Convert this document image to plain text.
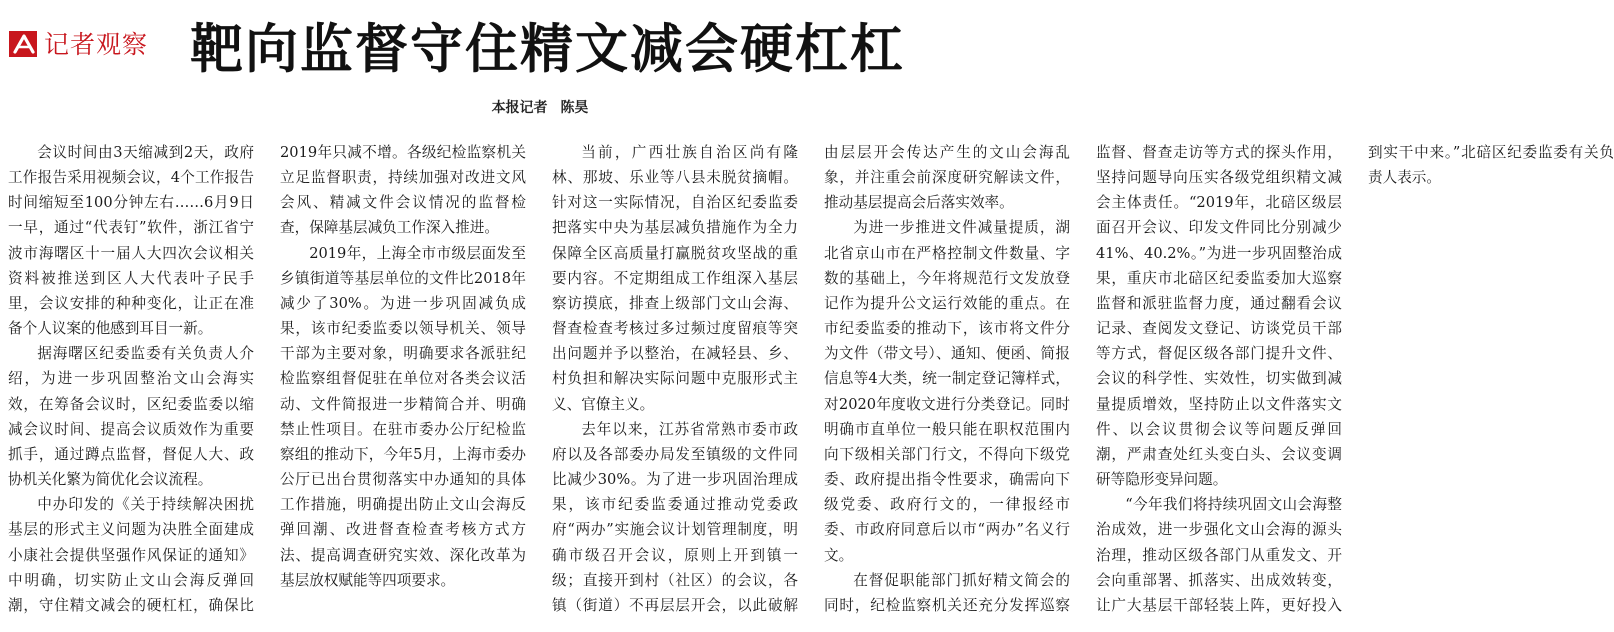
记者观察 靶向监督守住精文减会硬杠杠
本报记者 陈昊

会议时间由3天缩减到2天，政府工作报告采用视频会议，4个工作报告时间缩短至100分钟左右……6月9日一早，通过“代表钉”软件，浙江省宁波市海曙区十一届人大四次会议相关资料被推送到区人大代表叶子民手里，会议安排的种种变化，让正在准备个人议案的他感到耳目一新。

据海曙区纪委监委有关负责人介绍，为进一步巩固整治文山会海实效，在筹备会议时，区纪委监委以缩减会议时间、提高会议质效作为重要抓手，通过蹲点监督，督促人大、政协机关化繁为简优化会议流程。

中办印发的《关于持续解决困扰基层的形式主义问题为决胜全面建成小康社会提供坚强作风保证的通知》中明确，切实防止文山会海反弹回潮，守住精文减会的硬杠杠，确保比2019年只减不增。各级纪检监察机关立足监督职责，持续加强对改进文风会风、精减文件会议情况的监督检查，保障基层减负工作深入推进。

2019年，上海全市市级层面发至乡镇街道等基层单位的文件比2018年减少了30%。为进一步巩固减负成果，该市纪委监委以领导机关、领导干部为主要对象，明确要求各派驻纪检监察组督促驻在单位对各类会议活动、文件简报进一步精简合并、明确禁止性项目。在驻市委办公厅纪检监察组的推动下，今年5月，上海市委办公厅已出台贯彻落实中办通知的具体工作措施，明确提出防止文山会海反弹回潮、改进督查检查考核方式方法、提高调查研究实效、深化改革为基层放权赋能等四项要求。

当前，广西壮族自治区尚有隆林、那坡、乐业等八县未脱贫摘帽。针对这一实际情况，自治区纪委监委把落实中央为基层减负措施作为全力保障全区高质量打赢脱贫攻坚战的重要内容。不定期组成工作组深入基层察访摸底，排查上级部门文山会海、督查检查考核过多过频过度留痕等突出问题并予以整治，在减轻县、乡、村负担和解决实际问题中克服形式主义、官僚主义。

去年以来，江苏省常熟市委市政府以及各部委办局发至镇级的文件同比减少30%。为了进一步巩固治理成果，该市纪委监委通过推动党委政府“两办”实施会议计划管理制度，明确市级召开会议，原则上开到镇一级；直接开到村（社区）的会议，各镇（街道）不再层层开会，以此破解由层层开会传达产生的文山会海乱象，并注重会前深度研究解读文件，推动基层提高会后落实效率。

为进一步推进文件减量提质，湖北省京山市在严格控制文件数量、字数的基础上，今年将规范行文发放登记作为提升公文运行效能的重点。在市纪委监委的推动下，该市将文件分为文件（带文号）、通知、便函、简报信息等4大类，统一制定登记簿样式，对2020年度收文进行分类登记。同时明确市直单位一般只能在职权范围内向下级相关部门行文，不得向下级党委、政府提出指令性要求，确需向下级党委、政府行文的，一律报经市委、市政府同意后以市“两办”名义行文。

在督促职能部门抓好精文简会的同时，纪检监察机关还充分发挥巡察监督、督查走访等方式的探头作用，坚持问题导向压实各级党组织精文减会主体责任。“2019年，北碚区级层面召开会议、印发文件同比分别减少41%、40.2%。”为进一步巩固整治成果，重庆市北碚区纪委监委加大巡察监督和派驻监督力度，通过翻看会议记录、查阅发文登记、访谈党员干部等方式，督促区级各部门提升文件、会议的科学性、实效性，切实做到减量提质增效，坚持防止以文件落实文件、以会议贯彻会议等问题反弹回潮，严肃查处红头变白头、会议变调研等隐形变异问题。

“今年我们将持续巩固文山会海整治成效，进一步强化文山会海的源头治理，推动区级各部门从重发文、开会向重部署、抓落实、出成效转变，让广大基层干部轻装上阵，更好投入到实干中来。”北碚区纪委监委有关负责人表示。
